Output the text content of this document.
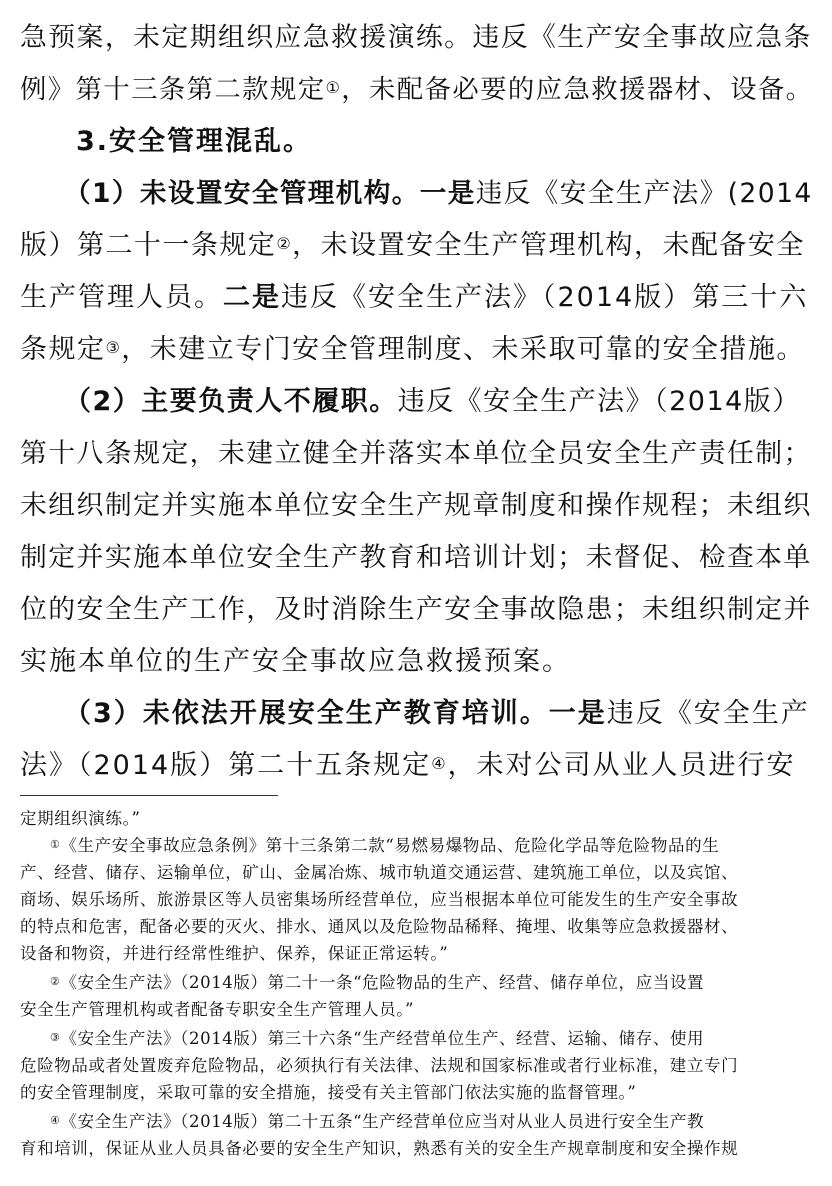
急预案，未定期组织应急救援演练。违反《生产安全事故应急条

例》第十三条第二款规定①，未配备必要的应急救援器材、设备。

3.安全管理混乱。

（1）未设置安全管理机构。一是违反《安全生产法》(2014

版）第二十一条规定②，未设置安全生产管理机构，未配备安全

生产管理人员。二是违反《安全生产法》（2014版）第三十六

条规定③，未建立专门安全管理制度、未采取可靠的安全措施。

（2）主要负责人不履职。违反《安全生产法》（2014版）

第十八条规定，未建立健全并落实本单位全员安全生产责任制；

未组织制定并实施本单位安全生产规章制度和操作规程；未组织

制定并实施本单位安全生产教育和培训计划；未督促、检查本单

位的安全生产工作，及时消除生产安全事故隐患；未组织制定并

实施本单位的生产安全事故应急救援预案。

（3）未依法开展安全生产教育培训。一是违反《安全生产

法》（2014版）第二十五条规定④，未对公司从业人员进行安

定期组织演练。”

①《生产安全事故应急条例》第十三条第二款“易燃易爆物品、危险化学品等危险物品的生

产、经营、储存、运输单位，矿山、金属冶炼、城市轨道交通运营、建筑施工单位，以及宾馆、

商场、娱乐场所、旅游景区等人员密集场所经营单位，应当根据本单位可能发生的生产安全事故

的特点和危害，配备必要的灭火、排水、通风以及危险物品稀释、掩埋、收集等应急救援器材、

设备和物资，并进行经常性维护、保养，保证正常运转。”

②《安全生产法》（2014版）第二十一条“危险物品的生产、经营、储存单位，应当设置

安全生产管理机构或者配备专职安全生产管理人员。”

③《安全生产法》（2014版）第三十六条“生产经营单位生产、经营、运输、储存、使用

危险物品或者处置废弃危险物品，必须执行有关法律、法规和国家标准或者行业标准，建立专门

的安全管理制度，采取可靠的安全措施，接受有关主管部门依法实施的监督管理。”

④《安全生产法》（2014版）第二十五条“生产经营单位应当对从业人员进行安全生产教

育和培训，保证从业人员具备必要的安全生产知识，熟悉有关的安全生产规章制度和安全操作规
